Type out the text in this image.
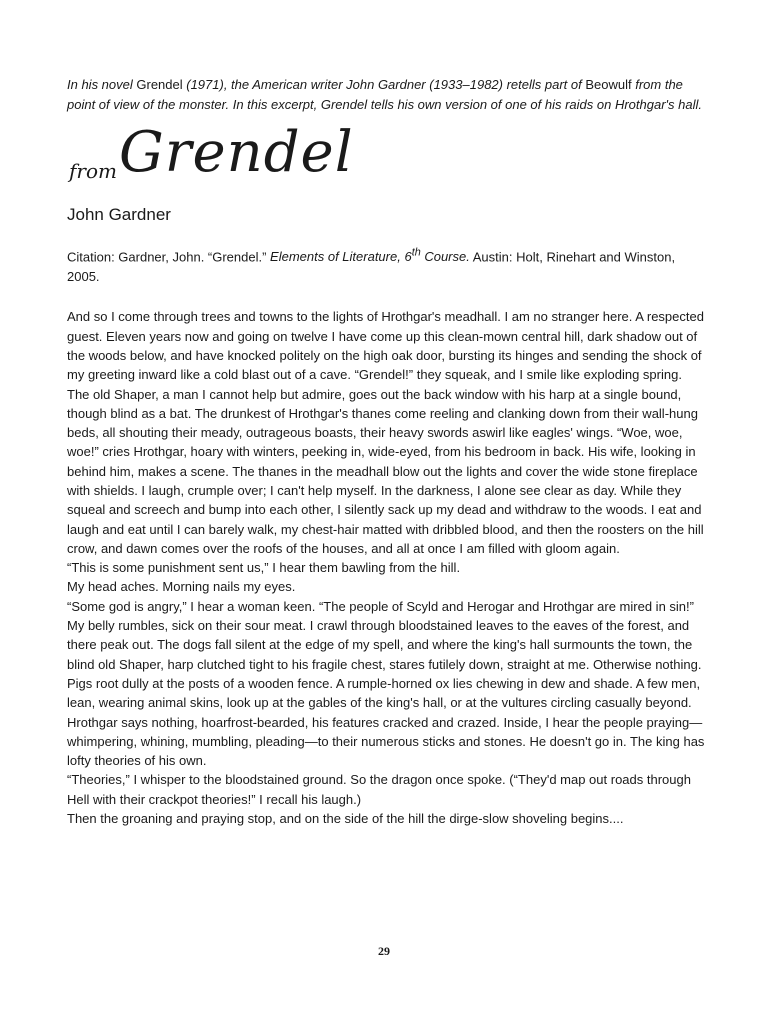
In his novel Grendel (1971), the American writer John Gardner (1933–1982) retells part of Beowulf from the point of view of the monster. In this excerpt, Grendel tells his own version of one of his raids on Hrothgar's hall.

from Grendel

John Gardner

Citation: Gardner, John. “Grendel.” Elements of Literature, 6th Course. Austin: Holt, Rinehart and Winston, 2005.

And so I come through trees and towns to the lights of Hrothgar's meadhall. I am no stranger here. A respected guest. Eleven years now and going on twelve I have come up this clean-mown central hill, dark shadow out of the woods below, and have knocked politely on the high oak door, bursting its hinges and sending the shock of my greeting inward like a cold blast out of a cave. “Grendel!” they squeak, and I smile like exploding spring. The old Shaper, a man I cannot help but admire, goes out the back window with his harp at a single bound, though blind as a bat. The drunkest of Hrothgar's thanes come reeling and clanking down from their wall-hung beds, all shouting their meady, outrageous boasts, their heavy swords aswirl like eagles' wings. “Woe, woe, woe!” cries Hrothgar, hoary with winters, peeking in, wide-eyed, from his bedroom in back. His wife, looking in behind him, makes a scene. The thanes in the meadhall blow out the lights and cover the wide stone fireplace with shields. I laugh, crumple over; I can't help myself. In the darkness, I alone see clear as day. While they squeal and screech and bump into each other, I silently sack up my dead and withdraw to the woods. I eat and laugh and eat until I can barely walk, my chest-hair matted with dribbled blood, and then the roosters on the hill crow, and dawn comes over the roofs of the houses, and all at once I am filled with gloom again.

“This is some punishment sent us,” I hear them bawling from the hill.

My head aches. Morning nails my eyes.

“Some god is angry,” I hear a woman keen. “The people of Scyld and Herogar and Hrothgar are mired in sin!”

My belly rumbles, sick on their sour meat. I crawl through bloodstained leaves to the eaves of the forest, and there peak out. The dogs fall silent at the edge of my spell, and where the king's hall surmounts the town, the blind old Shaper, harp clutched tight to his fragile chest, stares futilely down, straight at me. Otherwise nothing. Pigs root dully at the posts of a wooden fence. A rumple-horned ox lies chewing in dew and shade. A few men, lean, wearing animal skins, look up at the gables of the king's hall, or at the vultures circling casually beyond. Hrothgar says nothing, hoarfrost-bearded, his features cracked and crazed. Inside, I hear the people praying—whimpering, whining, mumbling, pleading—to their numerous sticks and stones. He doesn't go in. The king has lofty theories of his own.

“Theories,” I whisper to the bloodstained ground. So the dragon once spoke. (“They'd map out roads through Hell with their crackpot theories!” I recall his laugh.)

Then the groaning and praying stop, and on the side of the hill the dirge-slow shoveling begins....

29
